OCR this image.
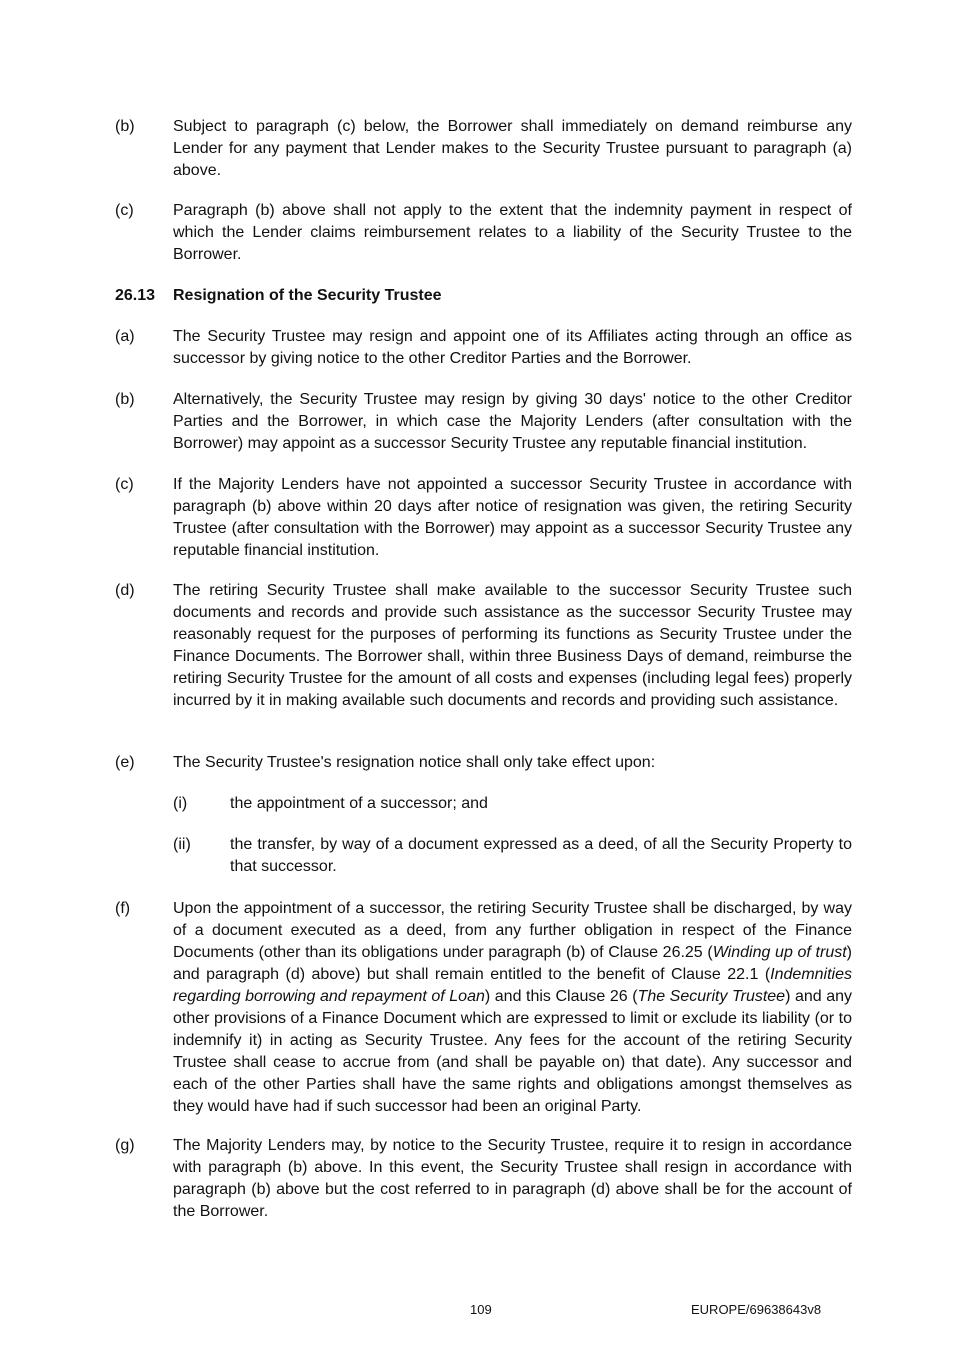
(b) Subject to paragraph (c) below, the Borrower shall immediately on demand reimburse any Lender for any payment that Lender makes to the Security Trustee pursuant to paragraph (a) above.
(c) Paragraph (b) above shall not apply to the extent that the indemnity payment in respect of which the Lender claims reimbursement relates to a liability of the Security Trustee to the Borrower.
26.13 Resignation of the Security Trustee
(a) The Security Trustee may resign and appoint one of its Affiliates acting through an office as successor by giving notice to the other Creditor Parties and the Borrower.
(b) Alternatively, the Security Trustee may resign by giving 30 days' notice to the other Creditor Parties and the Borrower, in which case the Majority Lenders (after consultation with the Borrower) may appoint as a successor Security Trustee any reputable financial institution.
(c) If the Majority Lenders have not appointed a successor Security Trustee in accordance with paragraph (b) above within 20 days after notice of resignation was given, the retiring Security Trustee (after consultation with the Borrower) may appoint as a successor Security Trustee any reputable financial institution.
(d) The retiring Security Trustee shall make available to the successor Security Trustee such documents and records and provide such assistance as the successor Security Trustee may reasonably request for the purposes of performing its functions as Security Trustee under the Finance Documents. The Borrower shall, within three Business Days of demand, reimburse the retiring Security Trustee for the amount of all costs and expenses (including legal fees) properly incurred by it in making available such documents and records and providing such assistance.
(e) The Security Trustee's resignation notice shall only take effect upon:
(i)	the appointment of a successor; and
(ii) the transfer, by way of a document expressed as a deed, of all the Security Property to that successor.
(f)	Upon the appointment of a successor, the retiring Security Trustee shall be discharged, by way of a document executed as a deed, from any further obligation in respect of the Finance Documents (other than its obligations under paragraph (b) of Clause 26.25 (Winding up of trust) and paragraph (d) above) but shall remain entitled to the benefit of Clause 22.1 (Indemnities regarding borrowing and repayment of Loan) and this Clause 26 (The Security Trustee) and any other provisions of a Finance Document which are expressed to limit or exclude its liability (or to indemnify it) in acting as Security Trustee. Any fees for the account of the retiring Security Trustee shall cease to accrue from (and shall be payable on) that date). Any successor and each of the other Parties shall have the same rights and obligations amongst themselves as they would have had if such successor had been an original Party.
(g) The Majority Lenders may, by notice to the Security Trustee, require it to resign in accordance with paragraph (b) above. In this event, the Security Trustee shall resign in accordance with paragraph (b) above but the cost referred to in paragraph (d) above shall be for the account of the Borrower.
109	EUROPE/69638643v8
